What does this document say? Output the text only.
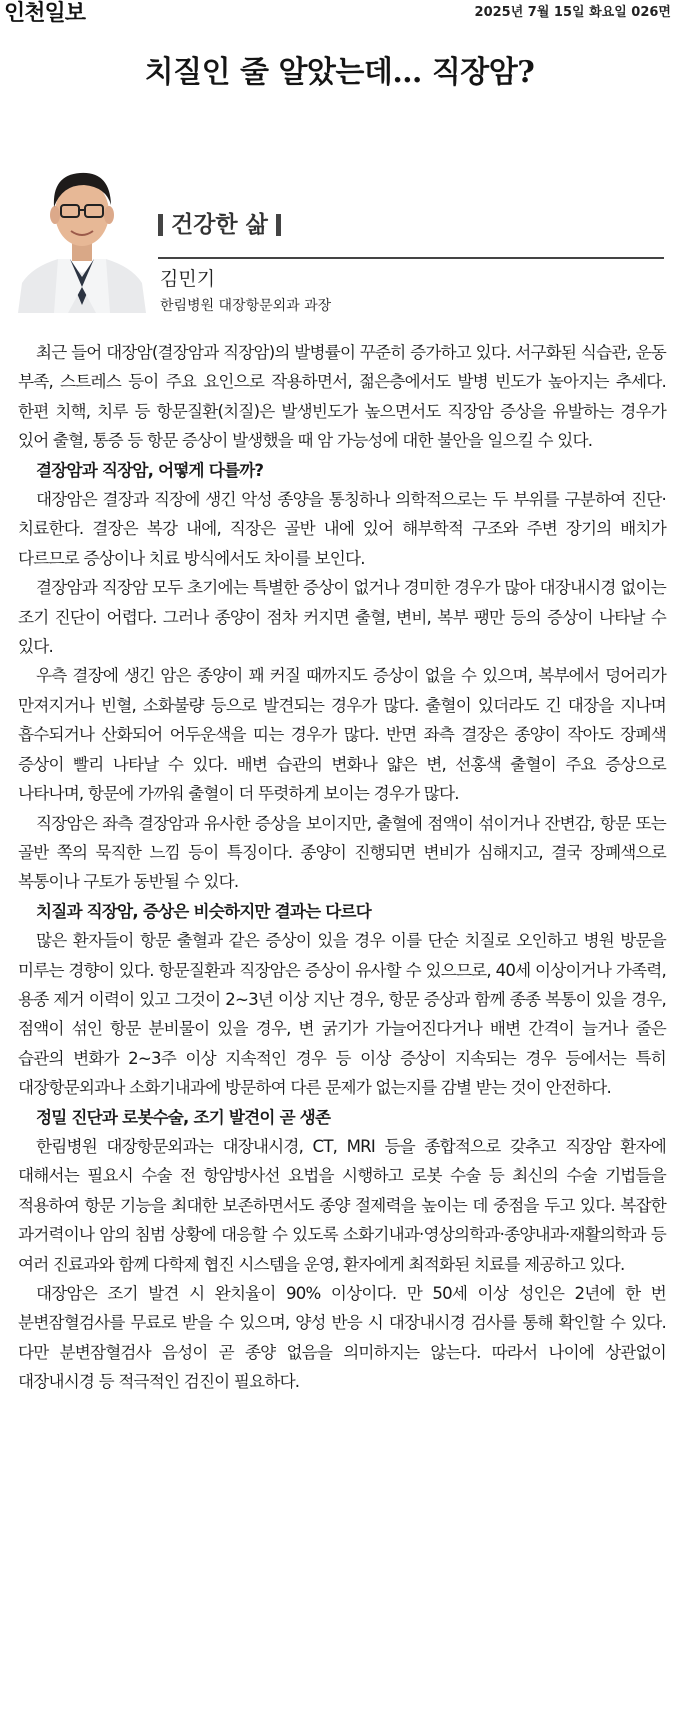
인천일보	2025년 7월 15일 화요일 026면
치질인 줄 알았는데… 직장암?
건강한 삶
김민기
한림병원 대장항문외과 과장

최근 들어 대장암(결장암과 직장암)의 발병률이 꾸준히 증가하고 있다. 서구화된 식습관, 운동 부족, 스트레스 등이 주요 요인으로 작용하면서, 젊은층에서도 발병 빈도가 높아지는 추세다. 한편 치핵, 치루 등 항문질환(치질)은 발생빈도가 높으면서도 직장암 증상을 유발하는 경우가 있어 출혈, 통증 등 항문 증상이 발생했을 때 암 가능성에 대한 불안을 일으킬 수 있다.

결장암과 직장암, 어떻게 다를까?

대장암은 결장과 직장에 생긴 악성 종양을 통칭하나 의학적으로는 두 부위를 구분하여 진단·치료한다. 결장은 복강 내에, 직장은 골반 내에 있어 해부학적 구조와 주변 장기의 배치가 다르므로 증상이나 치료 방식에서도 차이를 보인다.

결장암과 직장암 모두 초기에는 특별한 증상이 없거나 경미한 경우가 많아 대장내시경 없이는 조기 진단이 어렵다. 그러나 종양이 점차 커지면 출혈, 변비, 복부 팽만 등의 증상이 나타날 수 있다.

우측 결장에 생긴 암은 종양이 꽤 커질 때까지도 증상이 없을 수 있으며, 복부에서 덩어리가 만져지거나 빈혈, 소화불량 등으로 발견되는 경우가 많다. 출혈이 있더라도 긴 대장을 지나며 흡수되거나 산화되어 어두운색을 띠는 경우가 많다. 반면 좌측 결장은 종양이 작아도 장폐색 증상이 빨리 나타날 수 있다. 배변 습관의 변화나 얇은 변, 선홍색 출혈이 주요 증상으로 나타나며, 항문에 가까워 출혈이 더 뚜렷하게 보이는 경우가 많다.

직장암은 좌측 결장암과 유사한 증상을 보이지만, 출혈에 점액이 섞이거나 잔변감, 항문 또는 골반 쪽의 묵직한 느낌 등이 특징이다. 종양이 진행되면 변비가 심해지고, 결국 장폐색으로 복통이나 구토가 동반될 수 있다.

치질과 직장암, 증상은 비슷하지만 결과는 다르다

많은 환자들이 항문 출혈과 같은 증상이 있을 경우 이를 단순 치질로 오인하고 병원 방문을 미루는 경향이 있다. 항문질환과 직장암은 증상이 유사할 수 있으므로, 40세 이상이거나 가족력, 용종 제거 이력이 있고 그것이 2~3년 이상 지난 경우, 항문 증상과 함께 종종 복통이 있을 경우, 점액이 섞인 항문 분비물이 있을 경우, 변 굵기가 가늘어진다거나 배변 간격이 늘거나 줄은 습관의 변화가 2~3주 이상 지속적인 경우 등 이상 증상이 지속되는 경우 등에서는 특히 대장항문외과나 소화기내과에 방문하여 다른 문제가 없는지를 감별 받는 것이 안전하다.

정밀 진단과 로봇수술, 조기 발견이 곧 생존

한림병원 대장항문외과는 대장내시경, CT, MRI 등을 종합적으로 갖추고 직장암 환자에 대해서는 필요시 수술 전 항암방사선 요법을 시행하고 로봇 수술 등 최신의 수술 기법들을 적용하여 항문 기능을 최대한 보존하면서도 종양 절제력을 높이는 데 중점을 두고 있다. 복잡한 과거력이나 암의 침범 상황에 대응할 수 있도록 소화기내과·영상의학과·종양내과·재활의학과 등 여러 진료과와 함께 다학제 협진 시스템을 운영, 환자에게 최적화된 치료를 제공하고 있다.

대장암은 조기 발견 시 완치율이 90% 이상이다. 만 50세 이상 성인은 2년에 한 번 분변잠혈검사를 무료로 받을 수 있으며, 양성 반응 시 대장내시경 검사를 통해 확인할 수 있다. 다만 분변잠혈검사 음성이 곧 종양 없음을 의미하지는 않는다. 따라서 나이에 상관없이 대장내시경 등 적극적인 검진이 필요하다.
